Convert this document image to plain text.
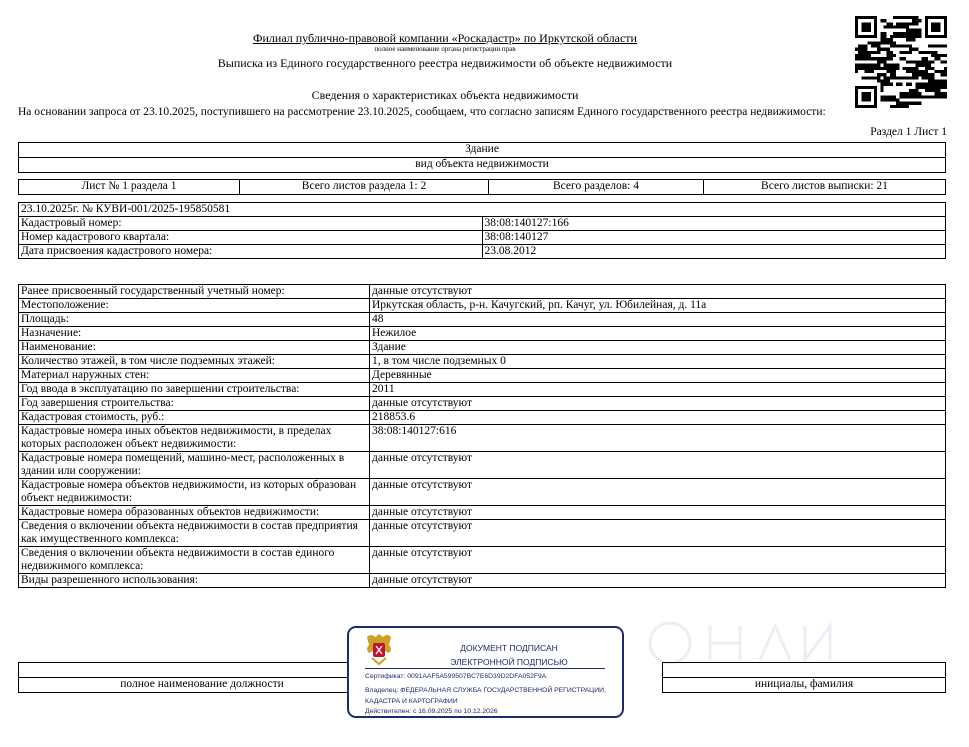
Филиал публично-правовой компании «Роскадастр» по Иркутской области
полное наименование органа регистрации прав
Выписка из Единого государственного реестра недвижимости об объекте недвижимости
Сведения о характеристиках объекта недвижимости
На основании запроса от 23.10.2025, поступившего на рассмотрение 23.10.2025, сообщаем, что согласно записям Единого государственного реестра недвижимости:
Раздел 1 Лист 1
Здание
вид объекта недвижимости
Лист № 1 раздела 1	Всего листов раздела 1: 2	Всего разделов: 4	Всего листов выписки: 21
23.10.2025г. № КУВИ-001/2025-195850581	
Кадастровый номер:	38:08:140127:166
Номер кадастрового квартала:	38:08:140127
Дата присвоения кадастрового номера:	23.08.2012
Ранее присвоенный государственный учетный номер:	данные отсутствуют
Местоположение:	Иркутская область, р-н. Качугский, рп. Качуг, ул. Юбилейная, д. 11а
Площадь:	48
Назначение:	Нежилое
Наименование:	Здание
Количество этажей, в том числе подземных этажей:	1, в том числе подземных 0
Материал наружных стен:	Деревянные
Год ввода в эксплуатацию по завершении строительства:	2011
Год завершения строительства:	данные отсутствуют
Кадастровая стоимость, руб.:	218853.6
Кадастровые номера иных объектов недвижимости, в пределах которых расположен объект недвижимости:	38:08:140127:616
Кадастровые номера помещений, машино-мест, расположенных в здании или сооружении:	данные отсутствуют
Кадастровые номера объектов недвижимости, из которых образован объект недвижимости:	данные отсутствуют
Кадастровые номера образованных объектов недвижимости:	данные отсутствуют
Сведения о включении объекта недвижимости в состав предприятия как имущественного комплекса:	данные отсутствуют
Сведения о включении объекта недвижимости в состав единого недвижимого комплекса:	данные отсутствуют
Виды разрешенного использования:	данные отсутствуют

полное наименование должности		инициалы, фамилия
ДОКУМЕНТ ПОДПИСАН
ЭЛЕКТРОННОЙ ПОДПИСЬЮ
Сертификат: 0091AAF5A599507BC7E6D39D2DFA052F9A
Владелец: ФЕДЕРАЛЬНАЯ СЛУЖБА ГОСУДАРСТВЕННОЙ РЕГИСТРАЦИИ, КАДАСТРА И КАРТОГРАФИИ
Действителен: с 16.09.2025 по 10.12.2026
